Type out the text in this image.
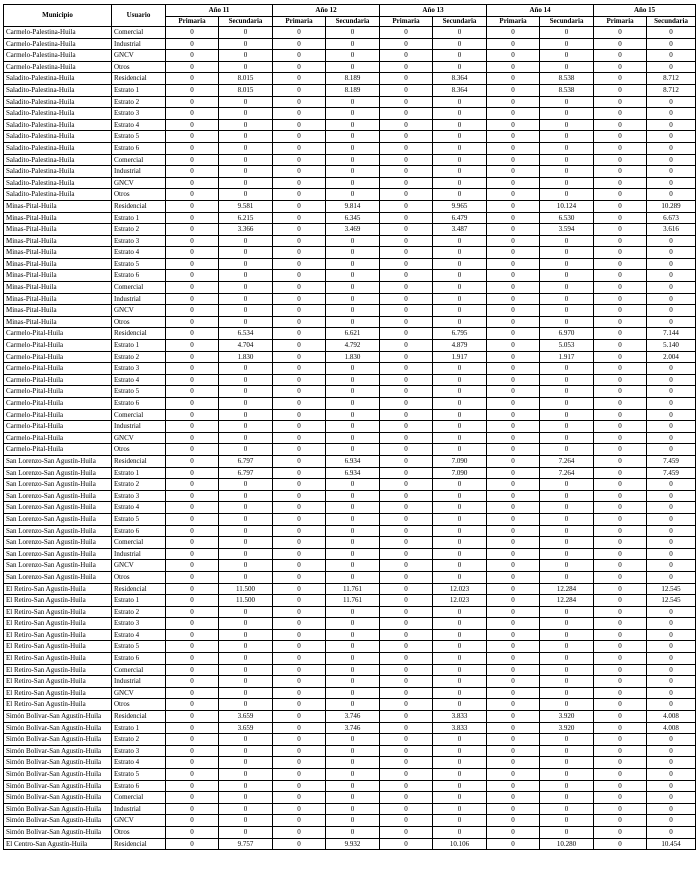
Municipio	Usuario	Año 11		Año 12		Año 13		Año 14		Año 15	
		Primaria	Secundaria	Primaria	Secundaria	Primaria	Secundaria	Primaria	Secundaria	Primaria	Secundaria
Carmelo-Palestina-Huila	Comercial	0	0	0	0	0	0	0	0	0	0
Carmelo-Palestina-Huila	Industrial	0	0	0	0	0	0	0	0	0	0
Carmelo-Palestina-Huila	GNCV	0	0	0	0	0	0	0	0	0	0
Carmelo-Palestina-Huila	Otros	0	0	0	0	0	0	0	0	0	0
Saladito-Palestina-Huila	Residencial	0	8.015	0	8.189	0	8.364	0	8.538	0	8.712
Saladito-Palestina-Huila	Estrato 1	0	8.015	0	8.189	0	8.364	0	8.538	0	8.712
Saladito-Palestina-Huila	Estrato 2	0	0	0	0	0	0	0	0	0	0
Saladito-Palestina-Huila	Estrato 3	0	0	0	0	0	0	0	0	0	0
Saladito-Palestina-Huila	Estrato 4	0	0	0	0	0	0	0	0	0	0
Saladito-Palestina-Huila	Estrato 5	0	0	0	0	0	0	0	0	0	0
Saladito-Palestina-Huila	Estrato 6	0	0	0	0	0	0	0	0	0	0
Saladito-Palestina-Huila	Comercial	0	0	0	0	0	0	0	0	0	0
Saladito-Palestina-Huila	Industrial	0	0	0	0	0	0	0	0	0	0
Saladito-Palestina-Huila	GNCV	0	0	0	0	0	0	0	0	0	0
Saladito-Palestina-Huila	Otros	0	0	0	0	0	0	0	0	0	0
Minas-Pital-Huila	Residencial	0	9.581	0	9.814	0	9.965	0	10.124	0	10.289
Minas-Pital-Huila	Estrato 1	0	6.215	0	6.345	0	6.479	0	6.530	0	6.673
Minas-Pital-Huila	Estrato 2	0	3.366	0	3.469	0	3.487	0	3.594	0	3.616
Minas-Pital-Huila	Estrato 3	0	0	0	0	0	0	0	0	0	0
Minas-Pital-Huila	Estrato 4	0	0	0	0	0	0	0	0	0	0
Minas-Pital-Huila	Estrato 5	0	0	0	0	0	0	0	0	0	0
Minas-Pital-Huila	Estrato 6	0	0	0	0	0	0	0	0	0	0
Minas-Pital-Huila	Comercial	0	0	0	0	0	0	0	0	0	0
Minas-Pital-Huila	Industrial	0	0	0	0	0	0	0	0	0	0
Minas-Pital-Huila	GNCV	0	0	0	0	0	0	0	0	0	0
Minas-Pital-Huila	Otros	0	0	0	0	0	0	0	0	0	0
Carmelo-Pital-Huila	Residencial	0	6.534	0	6.621	0	6.795	0	6.970	0	7.144
Carmelo-Pital-Huila	Estrato 1	0	4.704	0	4.792	0	4.879	0	5.053	0	5.140
Carmelo-Pital-Huila	Estrato 2	0	1.830	0	1.830	0	1.917	0	1.917	0	2.004
Carmelo-Pital-Huila	Estrato 3	0	0	0	0	0	0	0	0	0	0
Carmelo-Pital-Huila	Estrato 4	0	0	0	0	0	0	0	0	0	0
Carmelo-Pital-Huila	Estrato 5	0	0	0	0	0	0	0	0	0	0
Carmelo-Pital-Huila	Estrato 6	0	0	0	0	0	0	0	0	0	0
Carmelo-Pital-Huila	Comercial	0	0	0	0	0	0	0	0	0	0
Carmelo-Pital-Huila	Industrial	0	0	0	0	0	0	0	0	0	0
Carmelo-Pital-Huila	GNCV	0	0	0	0	0	0	0	0	0	0
Carmelo-Pital-Huila	Otros	0	0	0	0	0	0	0	0	0	0
San Lorenzo-San Agustín-Huila	Residencial	0	6.797	0	6.934	0	7.090	0	7.264	0	7.459
San Lorenzo-San Agustín-Huila	Estrato 1	0	6.797	0	6.934	0	7.090	0	7.264	0	7.459
San Lorenzo-San Agustín-Huila	Estrato 2	0	0	0	0	0	0	0	0	0	0
San Lorenzo-San Agustín-Huila	Estrato 3	0	0	0	0	0	0	0	0	0	0
San Lorenzo-San Agustín-Huila	Estrato 4	0	0	0	0	0	0	0	0	0	0
San Lorenzo-San Agustín-Huila	Estrato 5	0	0	0	0	0	0	0	0	0	0
San Lorenzo-San Agustín-Huila	Estrato 6	0	0	0	0	0	0	0	0	0	0
San Lorenzo-San Agustín-Huila	Comercial	0	0	0	0	0	0	0	0	0	0
San Lorenzo-San Agustín-Huila	Industrial	0	0	0	0	0	0	0	0	0	0
San Lorenzo-San Agustín-Huila	GNCV	0	0	0	0	0	0	0	0	0	0
San Lorenzo-San Agustín-Huila	Otros	0	0	0	0	0	0	0	0	0	0
El Retiro-San Agustín-Huila	Residencial	0	11.500	0	11.761	0	12.023	0	12.284	0	12.545
El Retiro-San Agustín-Huila	Estrato 1	0	11.500	0	11.761	0	12.023	0	12.284	0	12.545
El Retiro-San Agustín-Huila	Estrato 2	0	0	0	0	0	0	0	0	0	0
El Retiro-San Agustín-Huila	Estrato 3	0	0	0	0	0	0	0	0	0	0
El Retiro-San Agustín-Huila	Estrato 4	0	0	0	0	0	0	0	0	0	0
El Retiro-San Agustín-Huila	Estrato 5	0	0	0	0	0	0	0	0	0	0
El Retiro-San Agustín-Huila	Estrato 6	0	0	0	0	0	0	0	0	0	0
El Retiro-San Agustín-Huila	Comercial	0	0	0	0	0	0	0	0	0	0
El Retiro-San Agustín-Huila	Industrial	0	0	0	0	0	0	0	0	0	0
El Retiro-San Agustín-Huila	GNCV	0	0	0	0	0	0	0	0	0	0
El Retiro-San Agustín-Huila	Otros	0	0	0	0	0	0	0	0	0	0
Simón Bolívar-San Agustín-Huila	Residencial	0	3.659	0	3.746	0	3.833	0	3.920	0	4.008
Simón Bolívar-San Agustín-Huila	Estrato 1	0	3.659	0	3.746	0	3.833	0	3.920	0	4.008
Simón Bolívar-San Agustín-Huila	Estrato 2	0	0	0	0	0	0	0	0	0	0
Simón Bolívar-San Agustín-Huila	Estrato 3	0	0	0	0	0	0	0	0	0	0
Simón Bolívar-San Agustín-Huila	Estrato 4	0	0	0	0	0	0	0	0	0	0
Simón Bolívar-San Agustín-Huila	Estrato 5	0	0	0	0	0	0	0	0	0	0
Simón Bolívar-San Agustín-Huila	Estrato 6	0	0	0	0	0	0	0	0	0	0
Simón Bolívar-San Agustín-Huila	Comercial	0	0	0	0	0	0	0	0	0	0
Simón Bolívar-San Agustín-Huila	Industrial	0	0	0	0	0	0	0	0	0	0
Simón Bolívar-San Agustín-Huila	GNCV	0	0	0	0	0	0	0	0	0	0
Simón Bolívar-San Agustín-Huila	Otros	0	0	0	0	0	0	0	0	0	0
El Centro-San Agustín-Huila	Residencial	0	9.757	0	9.932	0	10.106	0	10.280	0	10.454
